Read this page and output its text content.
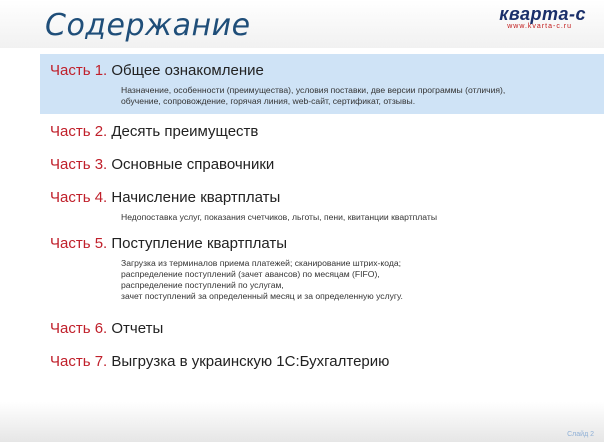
Содержание	кварта-с
www.kvarta-c.ru
Часть 1. Общее ознакомление
Назначение, особенности (преимущества), условия поставки, две версии программы (отличия),
обучение, сопровождение, горячая линия, web-сайт, сертификат, отзывы.
Часть 2. Десять преимуществ
Часть 3. Основные справочники
Часть 4. Начисление квартплаты
Недопоставка услуг, показания счетчиков, льготы, пени, квитанции квартплаты
Часть 5. Поступление квартплаты
Загрузка из терминалов приема платежей; сканирование штрих-кода;
распределение поступлений (зачет авансов) по месяцам (FIFO),
распределение поступлений по услугам,
зачет поступлений за определенный месяц и за определенную услугу.
Часть 6. Отчеты
Часть 7. Выгрузка в украинскую 1С:Бухгалтерию
Слайд 2
